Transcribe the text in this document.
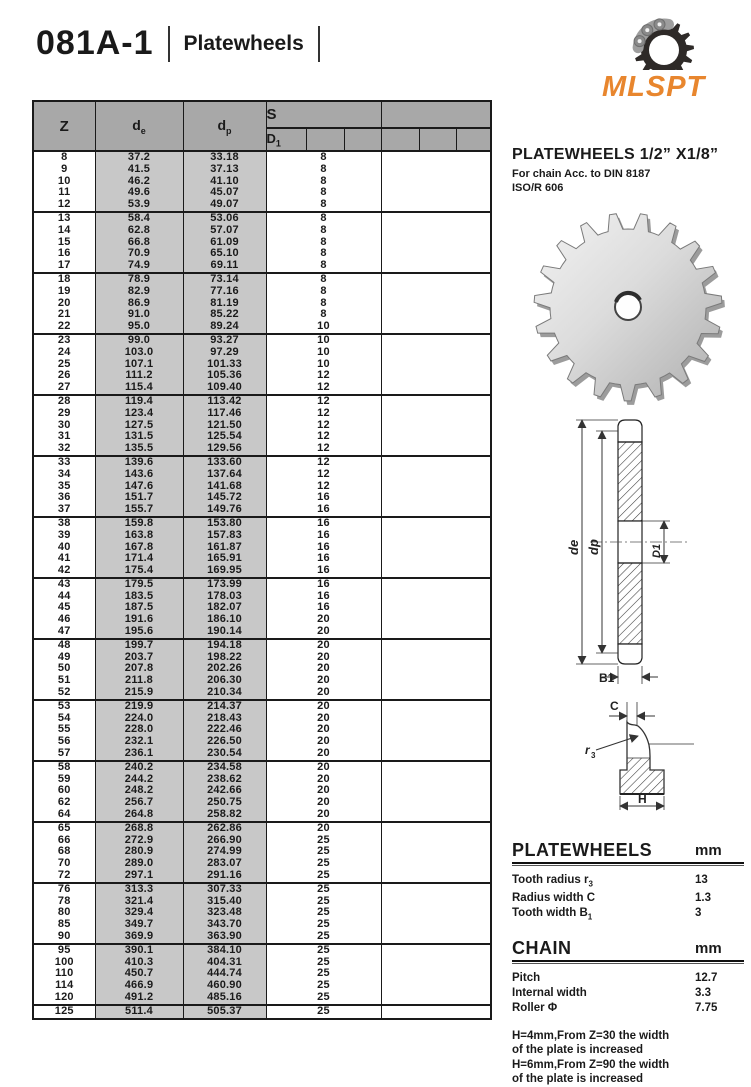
081A-1 Platewheels
MLSPT
Z	$d_e$	$d_p$	S					
			$D_1$					
8	37.2	33.18	8					
9	41.5	37.13	8					
10	46.2	41.10	8					
11	49.6	45.07	8					
12	53.9	49.07	8					
13	58.4	53.06	8					
14	62.8	57.07	8					
15	66.8	61.09	8					
16	70.9	65.10	8					
17	74.9	69.11	8					
18	78.9	73.14	8					
19	82.9	77.16	8					
20	86.9	81.19	8					
21	91.0	85.22	8					
22	95.0	89.24	10					
23	99.0	93.27	10					
24	103.0	97.29	10					
25	107.1	101.33	10					
26	111.2	105.36	12					
27	115.4	109.40	12					
28	119.4	113.42	12					
29	123.4	117.46	12					
30	127.5	121.50	12					
31	131.5	125.54	12					
32	135.5	129.56	12					
33	139.6	133.60	12					
34	143.6	137.64	12					
35	147.6	141.68	12					
36	151.7	145.72	16					
37	155.7	149.76	16					
38	159.8	153.80	16					
39	163.8	157.83	16					
40	167.8	161.87	16					
41	171.4	165.91	16					
42	175.4	169.95	16					
43	179.5	173.99	16					
44	183.5	178.03	16					
45	187.5	182.07	16					
46	191.6	186.10	20					
47	195.6	190.14	20					
48	199.7	194.18	20					
49	203.7	198.22	20					
50	207.8	202.26	20					
51	211.8	206.30	20					
52	215.9	210.34	20					
53	219.9	214.37	20					
54	224.0	218.43	20					
55	228.0	222.46	20					
56	232.1	226.50	20					
57	236.1	230.54	20					
58	240.2	234.58	20					
59	244.2	238.62	20					
60	248.2	242.66	20					
62	256.7	250.75	20					
64	264.8	258.82	20					
65	268.8	262.86	20					
66	272.9	266.90	25					
68	280.9	274.99	25					
70	289.0	283.07	25					
72	297.1	291.16	25					
76	313.3	307.33	25					
78	321.4	315.40	25					
80	329.4	323.48	25					
85	349.7	343.70	25					
90	369.9	363.90	25					
95	390.1	384.10	25					
100	410.3	404.31	25					
110	450.7	444.74	25					
114	466.9	460.90	25					
120	491.2	485.16	25					
125	511.4	505.37	25					
PLATEWHEELS 1/2” X1/8”
For chain Acc. to DIN 8187
ISO/R 606
de dp	D1
B1
C
r 3
H
PLATEWHEELS	mm
Tooth radius $r_3$	13
Radius width C	1.3
Tooth width $B_1$	3
CHAIN	mm
Pitch	12.7
Internal width	3.3
Roller Φ	7.75
H=4mm,From Z=30 the width
of the plate is increased
H=6mm,From Z=90 the width
of the plate is increased
